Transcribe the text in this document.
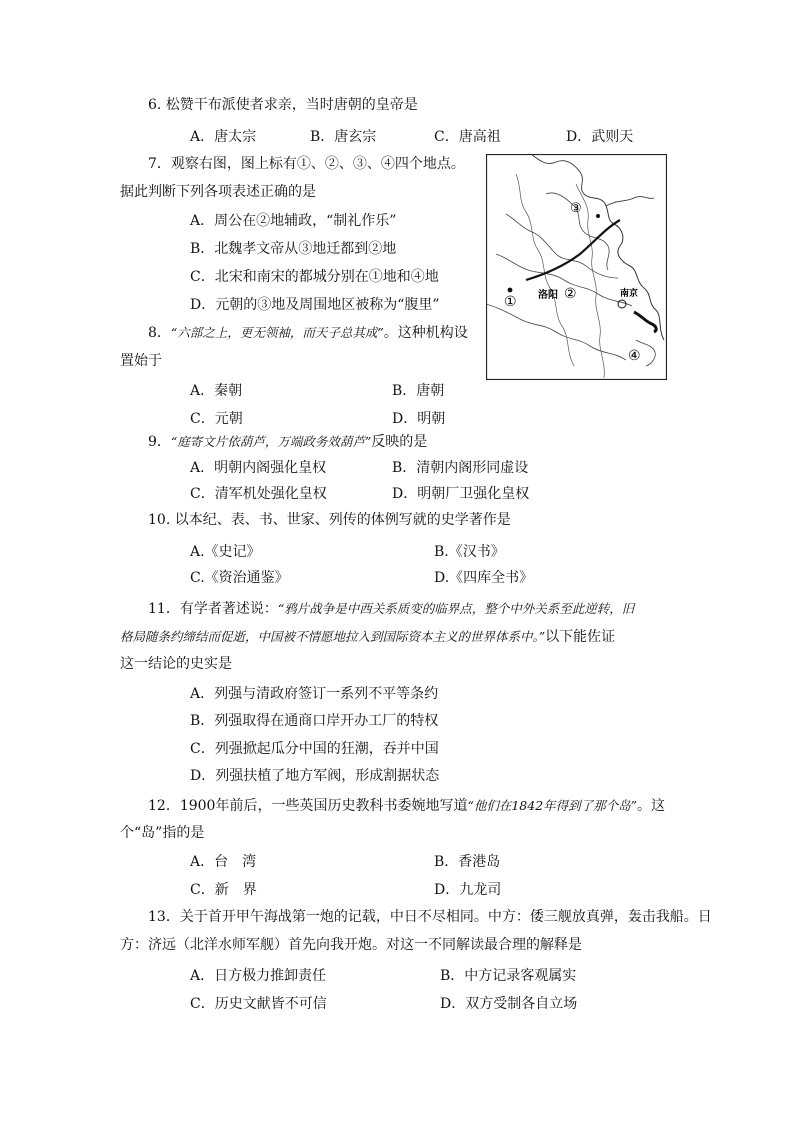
6. 松赞干布派使者求亲，当时唐朝的皇帝是
A．唐太宗	B．唐玄宗	C．唐高祖	D．武则天
7．观察右图，图上标有①、②、③、④四个地点。
据此判断下列各项表述正确的是
A．周公在②地辅政，“制礼作乐”
B．北魏孝文帝从③地迁都到②地
C．北宋和南宋的都城分别在①地和④地
D．元朝的③地及周围地区被称为“腹里”
③
① 洛阳 ②	南京
④
8．“六部之上，更无领袖，而天子总其成”。这种机构设
置始于
A．秦朝	B．唐朝
C．元朝	D．明朝
9．“庭寄文片依葫芦，万端政务效葫芦”反映的是
A．明朝内阁强化皇权	B．清朝内阁形同虚设
C．清军机处强化皇权	D．明朝厂卫强化皇权
10. 以本纪、表、书、世家、列传的体例写就的史学著作是
A.《史记》	B.《汉书》
C.《资治通鉴》	D.《四库全书》
11．有学者著述说：“鸦片战争是中西关系质变的临界点，整个中外关系至此逆转，旧
格局随条约缔结而促逝，中国被不情愿地拉入到国际资本主义的世界体系中。”以下能佐证
这一结论的史实是
A．列强与清政府签订一系列不平等条约
B．列强取得在通商口岸开办工厂的特权
C．列强掀起瓜分中国的狂潮，吞并中国
D．列强扶植了地方军阀，形成割据状态
12．1900年前后，一些英国历史教科书委婉地写道“他们在1842年得到了那个岛”。这
个“岛”指的是
A．台　湾	B．香港岛
C．新　界	D．九龙司
13．关于首开甲午海战第一炮的记载，中日不尽相同。中方：倭三舰放真弹，轰击我船。日
方：济远（北洋水师军舰）首先向我开炮。对这一不同解读最合理的解释是
A．日方极力推卸责任	B．中方记录客观属实
C．历史文献皆不可信	D．双方受制各自立场
